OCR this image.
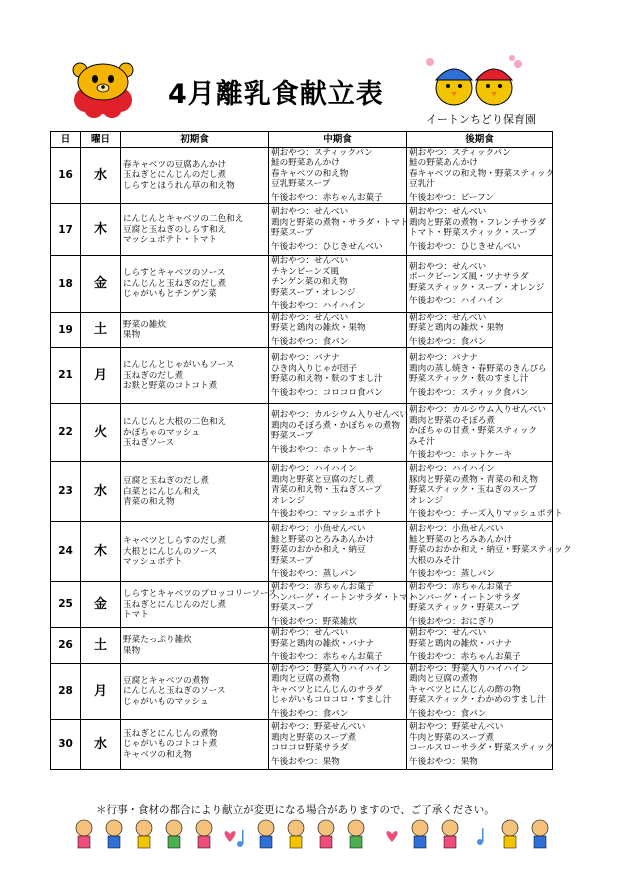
4月離乳食献立表
イートンちどり保育園
日	曜日	初期食	中期食	後期食
16	水	春キャベツの豆腐あんかけ
玉ねぎとにんじんのだし煮
しらすとほうれん草の和え物	朝おやつ：スティックパン
鮭の野菜あんかけ
春キャベツの和え物
豆乳野菜スープ
午後おやつ：赤ちゃんお菓子	朝おやつ：スティックパン
鮭の野菜あんかけ
春キャベツの和え物・野菜スティック
豆乳汁
午後おやつ：ビーフン

17	木	にんじんとキャベツの二色和え
豆腐と玉ねぎのしらす和え
マッシュポテト・トマト	朝おやつ：せんべい
鶏肉と野菜の煮物・サラダ・トマト
野菜スープ
午後おやつ：ひじきせんべい	朝おやつ：せんべい
鶏肉と野菜の煮物・フレンチサラダ
トマト・野菜スティック・スープ
午後おやつ：ひじきせんべい

18	金	しらすとキャベツのソース
にんじんと玉ねぎのだし煮
じゃがいもとチンゲン菜	朝おやつ：せんべい
チキンビーンズ風
チンゲン菜の和え物
野菜スープ・オレンジ
午後おやつ：ハイハイン	朝おやつ：せんべい
ポークビーンズ風・ツナサラダ
野菜スティック・スープ・オレンジ
午後おやつ：ハイハイン

19	土	野菜の雑炊
果物	朝おやつ：せんべい
野菜と鶏肉の雑炊・果物
午後おやつ：食パン	朝おやつ：せんべい
野菜と鶏肉の雑炊・果物
午後おやつ：食パン

21	月	にんじんとじゃがいもソース
玉ねぎのだし煮
お麩と野菜のコトコト煮	朝おやつ：バナナ
ひき肉入りじゃが団子
野菜の和え物・麩のすまし汁
午後おやつ：コロコロ食パン	朝おやつ：バナナ
鶏肉の蒸し焼き・春野菜のきんぴら
野菜スティック・麩のすまし汁
午後おやつ：スティック食パン

22	火	にんじんと大根の二色和え
かぼちゃのマッシュ
玉ねぎソース	朝おやつ：カルシウム入りせんべい
鶏肉のそぼろ煮・かぼちゃの煮物
野菜スープ
午後おやつ：ホットケーキ	朝おやつ：カルシウム入りせんべい
鶏肉と野菜のそぼろ煮
かぼちゃの甘煮・野菜スティック
みそ汁
午後おやつ：ホットケーキ

23	水	豆腐と玉ねぎのだし煮
白菜とにんじん和え
青菜の和え物	朝おやつ：ハイハイン
鶏肉と野菜と豆腐のだし煮
青菜の和え物・玉ねぎスープ
オレンジ
午後おやつ：マッシュポテト	朝おやつ：ハイハイン
豚肉と野菜の煮物・青菜の和え物
野菜スティック・玉ねぎのスープ
オレンジ
午後おやつ：チーズ入りマッシュポテト

24	木	キャベツとしらすのだし煮
大根とにんじんのソース
マッシュポテト	朝おやつ：小魚せんべい
鮭と野菜のとろみあんかけ
野菜のおかか和え・納豆
野菜スープ
午後おやつ：蒸しパン	朝おやつ：小魚せんべい
鮭と野菜のとろみあんかけ
野菜のおかか和え・納豆・野菜スティック
大根のみそ汁
午後おやつ：蒸しパン

25	金	しらすとキャベツのブロッコリーソース
玉ねぎとにんじんのだし煮
トマト	朝おやつ：赤ちゃんお菓子
ハンバーグ・イートンサラダ・トマト
野菜スープ
午後おやつ：野菜雑炊	朝おやつ：赤ちゃんお菓子
ハンバーグ・イートンサラダ
野菜スティック・野菜スープ
午後おやつ：おにぎり

26	土	野菜たっぷり雑炊
果物	朝おやつ：せんべい
野菜と鶏肉の雑炊・バナナ
午後おやつ：赤ちゃんお菓子	朝おやつ：せんべい
野菜と鶏肉の雑炊・バナナ
午後おやつ：赤ちゃんお菓子

28	月	豆腐とキャベツの煮物
にんじんと玉ねぎのソース
じゃがいものマッシュ	朝おやつ：野菜入りハイハイン
鶏肉と豆腐の煮物
キャベツとにんじんのサラダ
じゃがいもコロコロ・すまし汁
午後おやつ：食パン	朝おやつ：野菜入りハイハイン
鶏肉と豆腐の煮物
キャベツとにんじんの酢の物
野菜スティック・わかめのすまし汁
午後おやつ：食パン

30	水	玉ねぎとにんじんの煮物
じゃがいものコトコト煮
キャベツの和え物	朝おやつ：野菜せんべい
鶏肉と野菜のスープ煮
コロコロ野菜サラダ
午後おやつ：果物	朝おやつ：野菜せんべい
牛肉と野菜のスープ煮
コールスローサラダ・野菜スティック
午後おやつ：果物
＊行事・食材の都合により献立が変更になる場合がありますので、ご了承ください。
